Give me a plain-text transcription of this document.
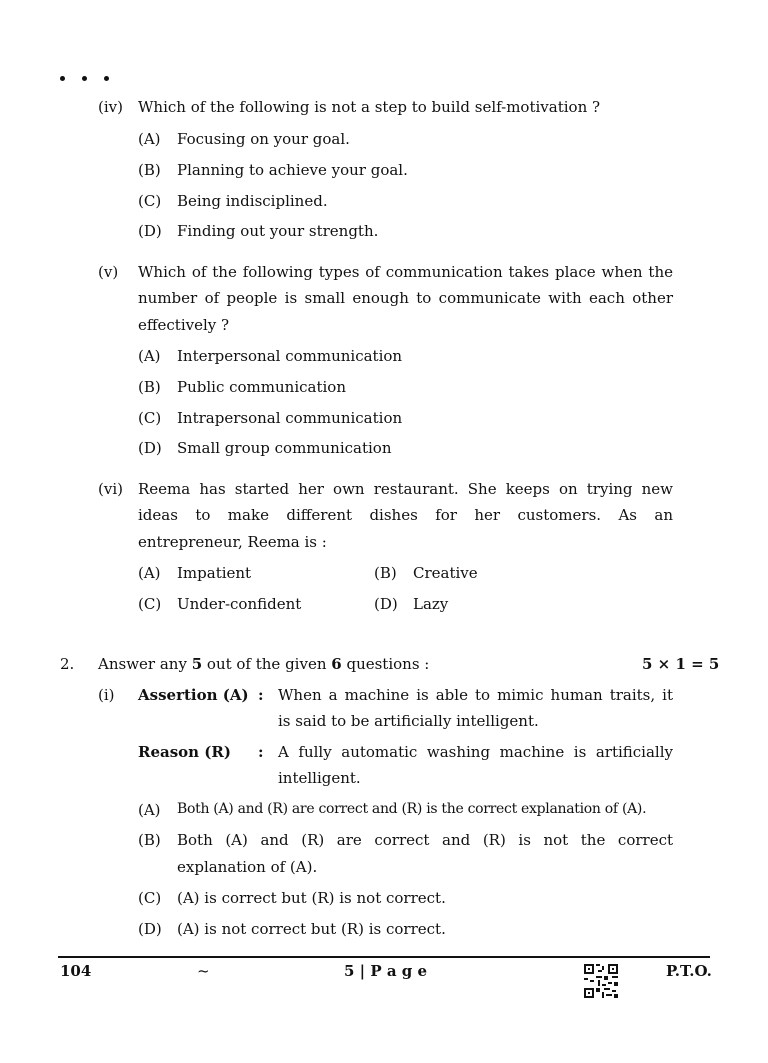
(iv) Which of the following is not a step to build self-motivation ?
(A) Focusing on your goal.
(B) Planning to achieve your goal.
(C) Being indisciplined.
(D) Finding out your strength.
(v) Which of the following types of communication takes place when the
number of people is small enough to communicate with each other
effectively ?
(A) Interpersonal communication
(B) Public communication
(C) Intrapersonal communication
(D) Small group communication
(vi) Reema has started her own restaurant. She keeps on trying new
ideas to make different dishes for her customers. As an
entrepreneur, Reema is :
(A) Impatient	(B) Creative
(C) Under-confident	(D) Lazy
2. Answer any 5 out of the given 6 questions :	5 × 1 = 5
(i) Assertion (A) : When a machine is able to mimic human traits, it
is said to be artificially intelligent.
Reason (R) : A fully automatic washing machine is artificially
intelligent.
(A) Both (A) and (R) are correct and (R) is the correct explanation of (A).
(B) Both (A) and (R) are correct and (R) is not the correct
explanation of (A).
(C) (A) is correct but (R) is not correct.
(D) (A) is not correct but (R) is correct.
104	~	5 | P a g e	P.T.O.
